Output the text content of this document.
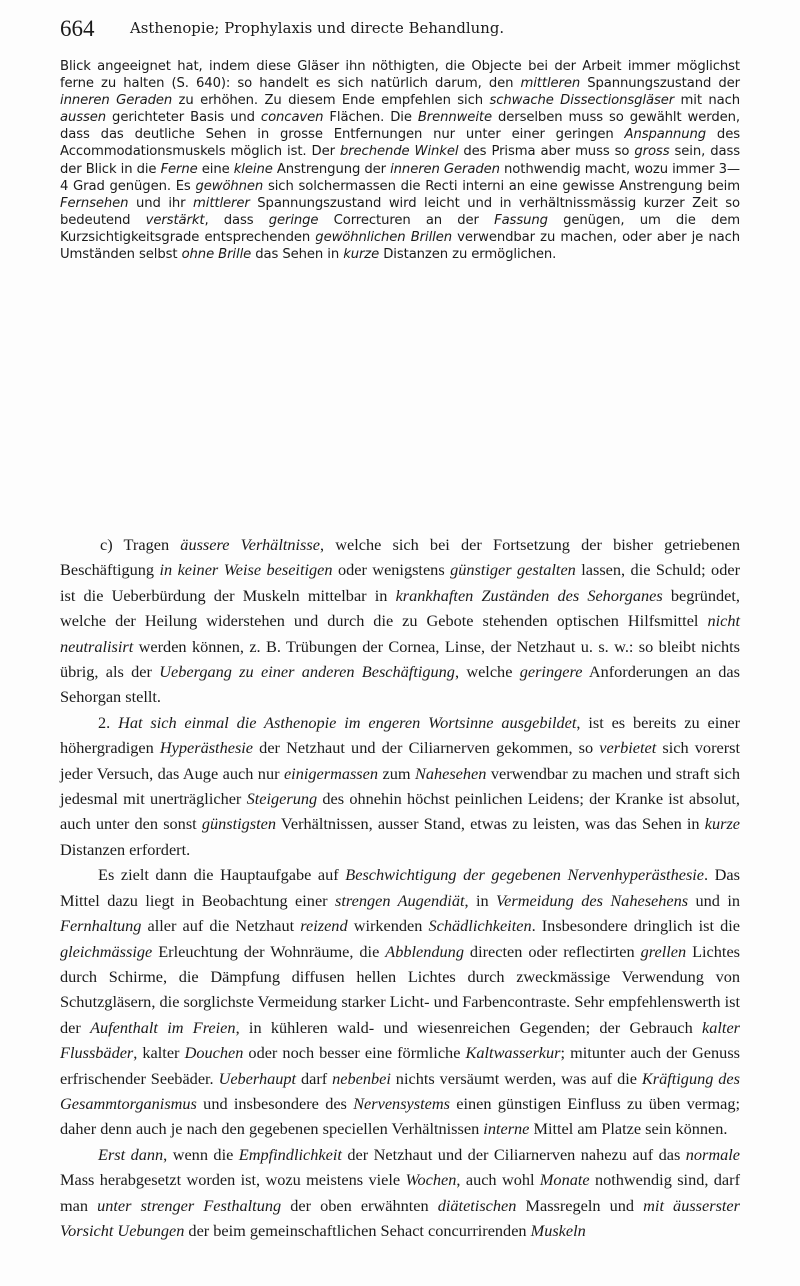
664 Asthenopie; Prophylaxis und directe Behandlung.

Blick angeeignet hat, indem diese Gläser ihn nöthigten, die Objecte bei der Arbeit immer möglichst ferne zu halten (S. 640): so handelt es sich natürlich darum, den mittleren Spannungszustand der inneren Geraden zu erhöhen. Zu diesem Ende empfehlen sich schwache Dissectionsgläser mit nach aussen gerichteter Basis und concaven Flächen. Die Brennweite derselben muss so gewählt werden, dass das deutliche Sehen in grosse Entfernungen nur unter einer geringen Anspannung des Accommodationsmuskels möglich ist. Der brechende Winkel des Prisma aber muss so gross sein, dass der Blick in die Ferne eine kleine Anstrengung der inneren Geraden nothwendig macht, wozu immer 3—4 Grad genügen. Es gewöhnen sich solchermassen die Recti interni an eine gewisse Anstrengung beim Fernsehen und ihr mittlerer Spannungszustand wird leicht und in verhältnissmässig kurzer Zeit so bedeutend verstärkt, dass geringe Correcturen an der Fassung genügen, um die dem Kurzsichtigkeitsgrade entsprechenden gewöhnlichen Brillen verwendbar zu machen, oder aber je nach Umständen selbst ohne Brille das Sehen in kurze Distanzen zu ermöglichen.

c) Tragen äussere Verhältnisse, welche sich bei der Fortsetzung der bisher getriebenen Beschäftigung in keiner Weise beseitigen oder wenigstens günstiger gestalten lassen, die Schuld; oder ist die Ueberbürdung der Muskeln mittelbar in krankhaften Zuständen des Sehorganes begründet, welche der Heilung widerstehen und durch die zu Gebote stehenden optischen Hilfsmittel nicht neutralisirt werden können, z. B. Trübungen der Cornea, Linse, der Netzhaut u. s. w.: so bleibt nichts übrig, als der Uebergang zu einer anderen Beschäftigung, welche geringere Anforderungen an das Sehorgan stellt.

2. Hat sich einmal die Asthenopie im engeren Wortsinne ausgebildet, ist es bereits zu einer höhergradigen Hyperästhesie der Netzhaut und der Ciliarnerven gekommen, so verbietet sich vorerst jeder Versuch, das Auge auch nur einigermassen zum Nahesehen verwendbar zu machen und straft sich jedesmal mit unerträglicher Steigerung des ohnehin höchst peinlichen Leidens; der Kranke ist absolut, auch unter den sonst günstigsten Verhältnissen, ausser Stand, etwas zu leisten, was das Sehen in kurze Distanzen erfordert.

Es zielt dann die Hauptaufgabe auf Beschwichtigung der gegebenen Nervenhyperästhesie. Das Mittel dazu liegt in Beobachtung einer strengen Augendiät, in Vermeidung des Nahesehens und in Fernhaltung aller auf die Netzhaut reizend wirkenden Schädlichkeiten. Insbesondere dringlich ist die gleichmässige Erleuchtung der Wohnräume, die Abblendung directen oder reflectirten grellen Lichtes durch Schirme, die Dämpfung diffusen hellen Lichtes durch zweckmässige Verwendung von Schutzgläsern, die sorglichste Vermeidung starker Licht- und Farbencontraste. Sehr empfehlenswerth ist der Aufenthalt im Freien, in kühleren wald- und wiesenreichen Gegenden; der Gebrauch kalter Flussbäder, kalter Douchen oder noch besser eine förmliche Kaltwasserkur; mitunter auch der Genuss erfrischender Seebäder. Ueberhaupt darf nebenbei nichts versäumt werden, was auf die Kräftigung des Gesammtorganismus und insbesondere des Nervensystems einen günstigen Einfluss zu üben vermag; daher denn auch je nach den gegebenen speciellen Verhältnissen interne Mittel am Platze sein können.

Erst dann, wenn die Empfindlichkeit der Netzhaut und der Ciliarnerven nahezu auf das normale Mass herabgesetzt worden ist, wozu meistens viele Wochen, auch wohl Monate nothwendig sind, darf man unter strenger Festhaltung der oben erwähnten diätetischen Massregeln und mit äusserster Vorsicht Uebungen der beim gemeinschaftlichen Sehact concurrirenden Muskeln
